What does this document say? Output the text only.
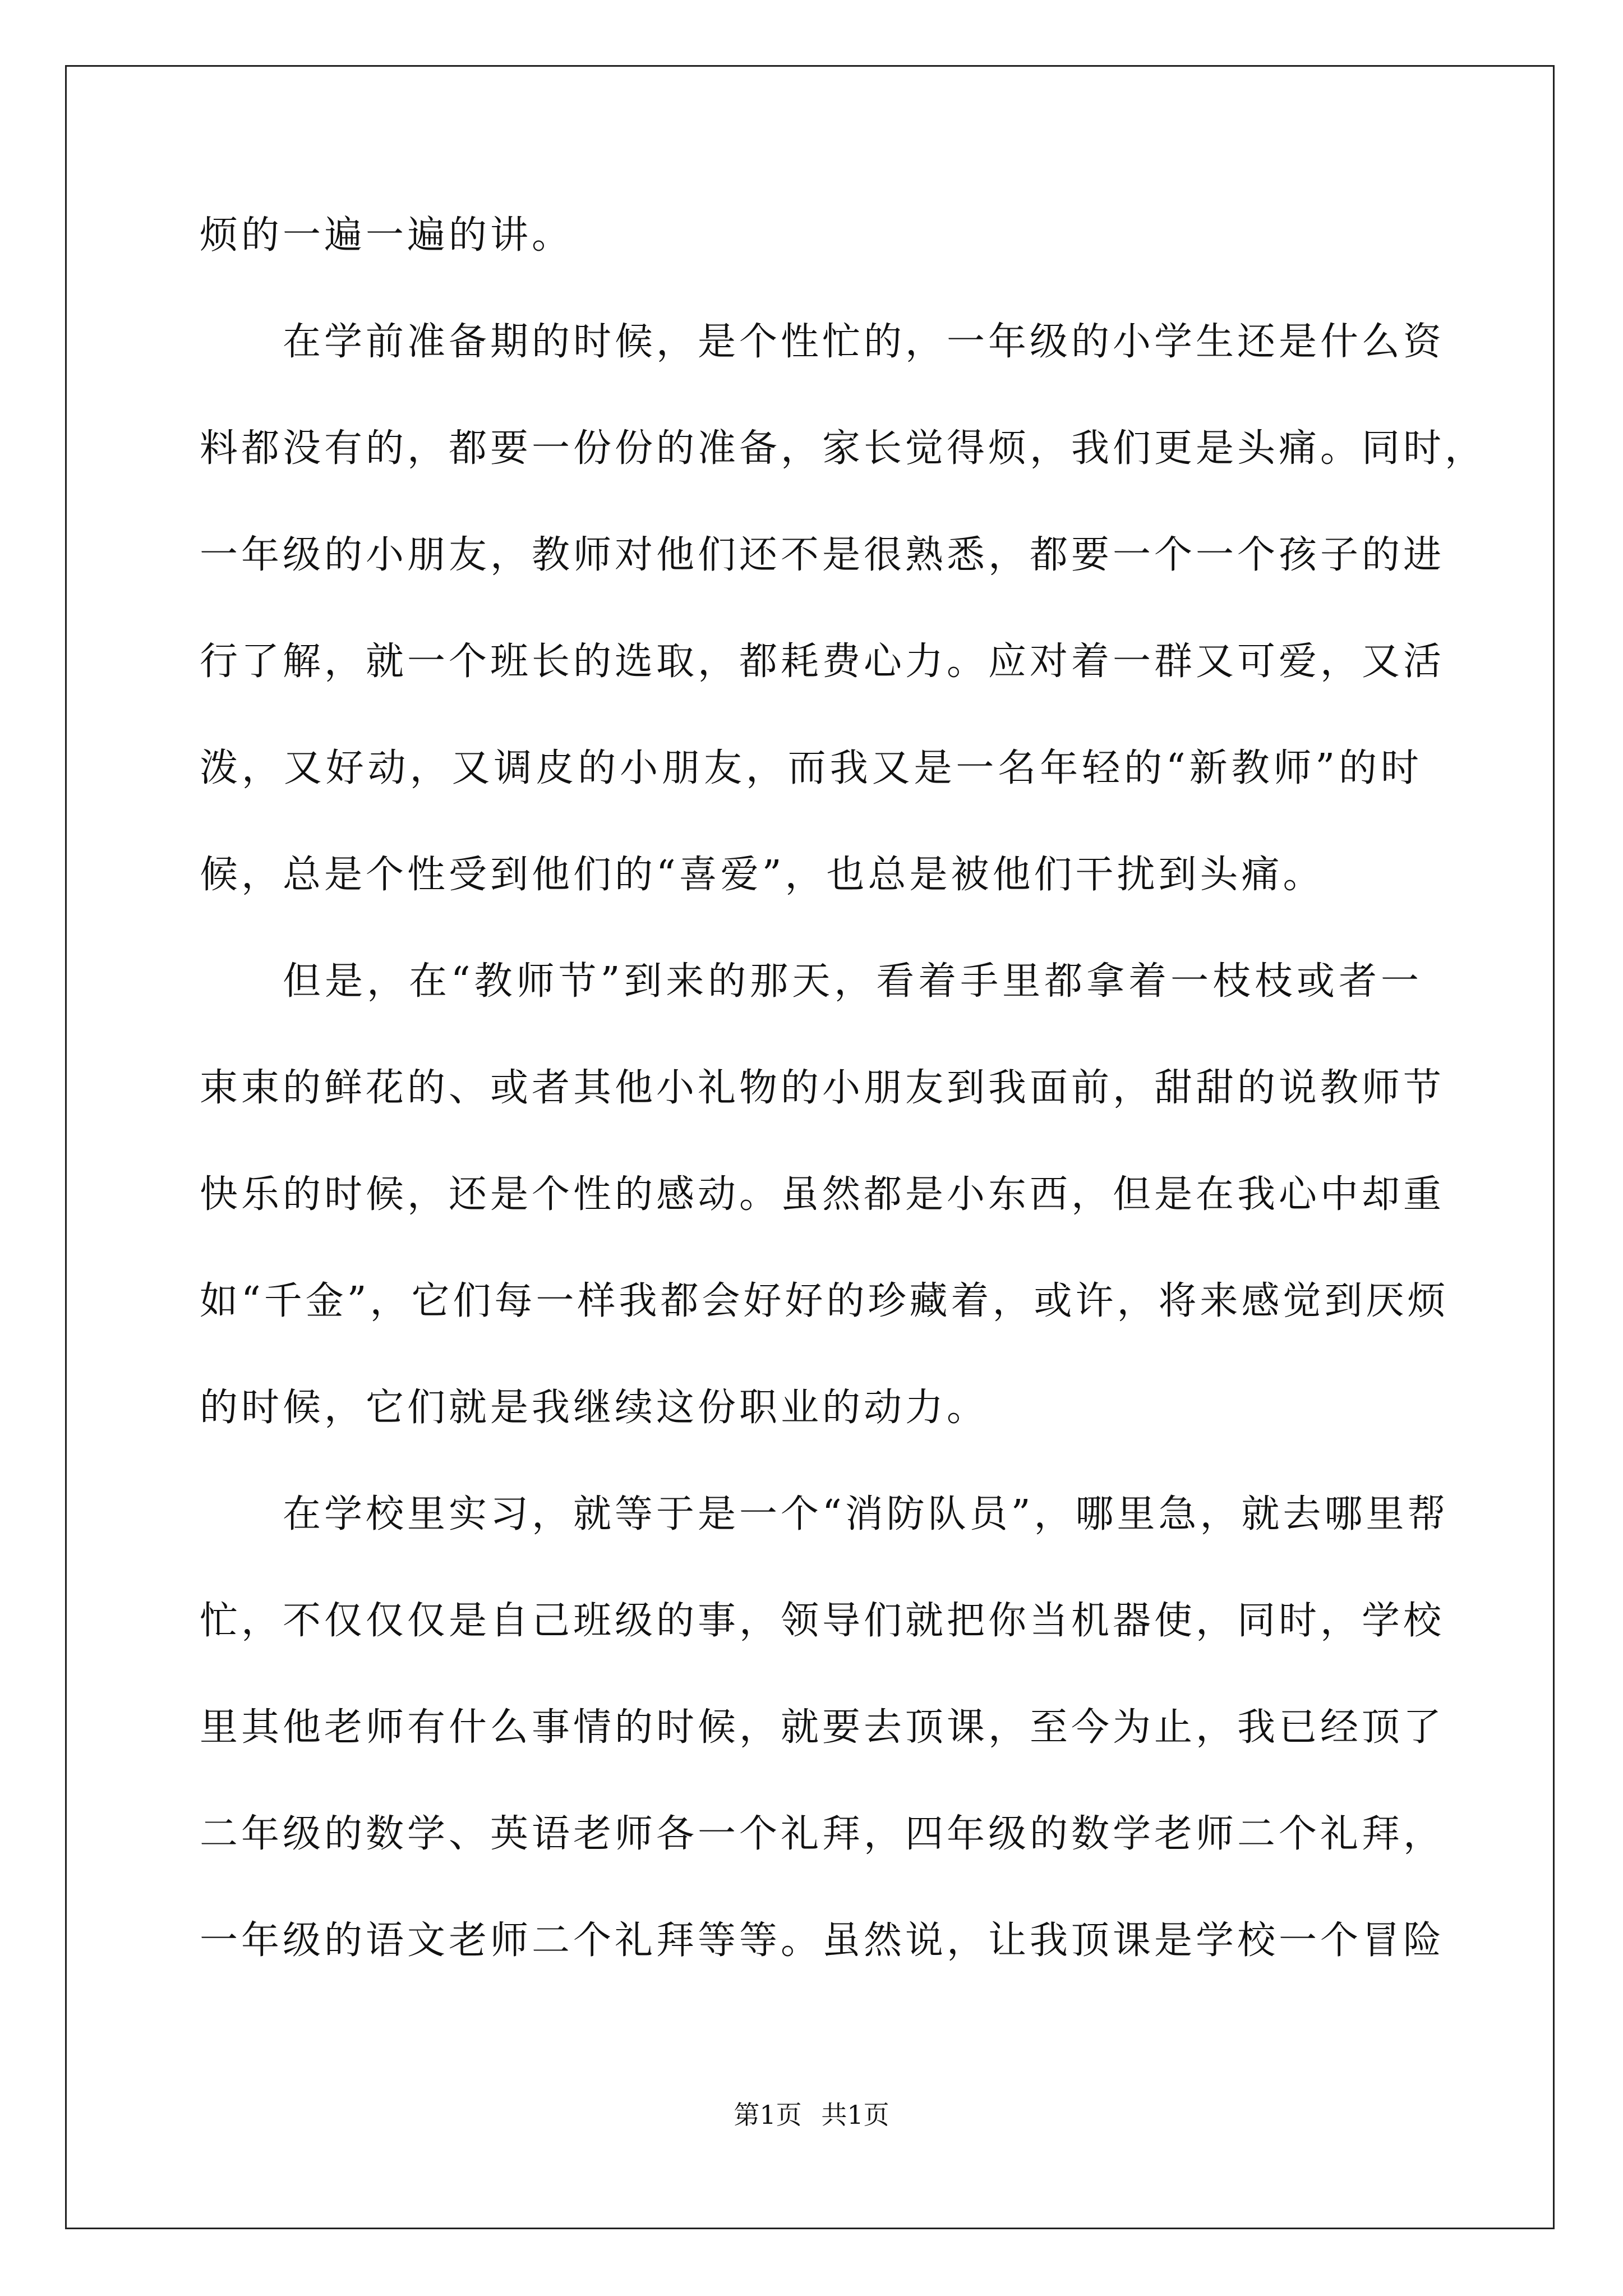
烦的一遍一遍的讲。
在学前准备期的时候，是个性忙的，一年级的小学生还是什么资
料都没有的，都要一份份的准备，家长觉得烦，我们更是头痛。同时，
一年级的小朋友，教师对他们还不是很熟悉，都要一个一个孩子的进
行了解，就一个班长的选取，都耗费心力。应对着一群又可爱，又活
泼，又好动，又调皮的小朋友，而我又是一名年轻的“新教师”的时
候，总是个性受到他们的“喜爱”，也总是被他们干扰到头痛。
但是，在“教师节”到来的那天，看着手里都拿着一枝枝或者一
束束的鲜花的、或者其他小礼物的小朋友到我面前，甜甜的说教师节
快乐的时候，还是个性的感动。虽然都是小东西，但是在我心中却重
如“千金”，它们每一样我都会好好的珍藏着，或许，将来感觉到厌烦
的时候，它们就是我继续这份职业的动力。
在学校里实习，就等于是一个“消防队员”，哪里急，就去哪里帮
忙，不仅仅仅是自己班级的事，领导们就把你当机器使，同时，学校
里其他老师有什么事情的时候，就要去顶课，至今为止，我已经顶了
二年级的数学、英语老师各一个礼拜，四年级的数学老师二个礼拜，
一年级的语文老师二个礼拜等等。虽然说，让我顶课是学校一个冒险
第1页 共1页
